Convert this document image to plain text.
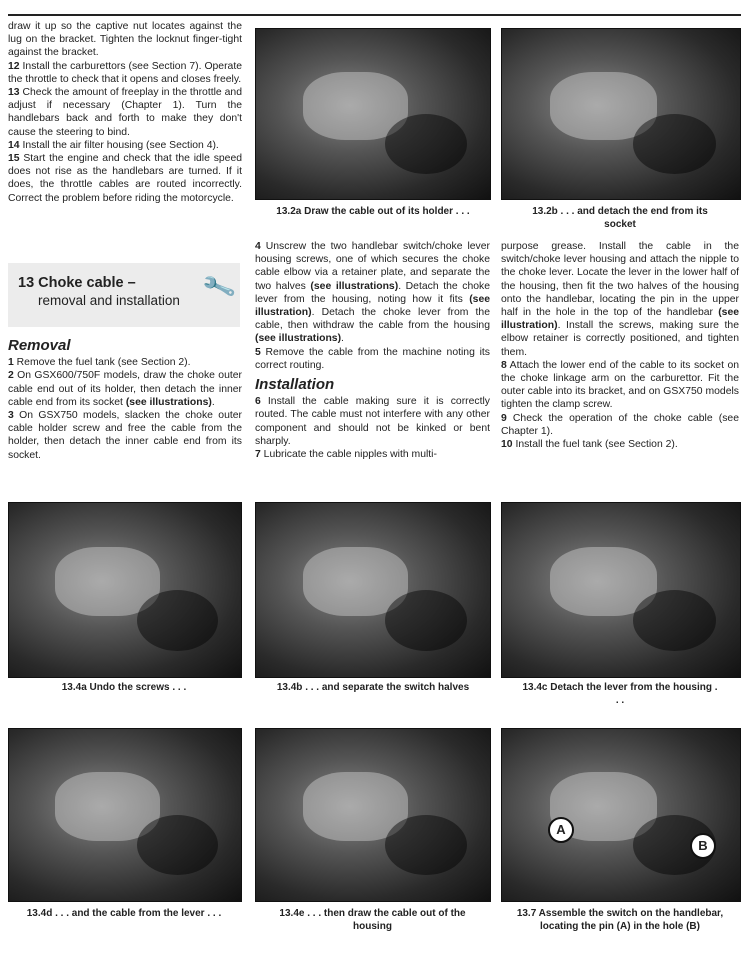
draw it up so the captive nut locates against the lug on the bracket. Tighten the locknut finger-tight against the bracket.

12 Install the carburettors (see Section 7). Operate the throttle to check that it opens and closes freely.

13 Check the amount of freeplay in the throttle and adjust if necessary (Chapter 1). Turn the handlebars back and forth to make they don't cause the steering to bind.

14 Install the air filter housing (see Section 4).

15 Start the engine and check that the idle speed does not rise as the handlebars are turned. If it does, the throttle cables are routed incorrectly. Correct the problem before riding the motorcycle.

13 Choke cable –
removal and installation 🔧
Removal

1 Remove the fuel tank (see Section 2).

2 On GSX600/750F models, draw the choke outer cable end out of its holder, then detach the inner cable end from its socket (see illustrations).

3 On GSX750 models, slacken the choke outer cable holder screw and free the cable from the holder, then detach the inner cable end from its socket.

13.2a Draw the cable out of its holder . . .	13.2b . . . and detach the end from its socket

4 Unscrew the two handlebar switch/choke lever housing screws, one of which secures the choke cable elbow via a retainer plate, and separate the two halves (see illustrations). Detach the choke lever from the housing, noting how it fits (see illustration). Detach the choke lever from the cable, then withdraw the cable from the housing (see illustrations).

5 Remove the cable from the machine noting its correct routing.

Installation

6 Install the cable making sure it is correctly routed. The cable must not interfere with any other component and should not be kinked or bent sharply.

7 Lubricate the cable nipples with multi-

purpose grease. Install the cable in the switch/choke lever housing and attach the nipple to the choke lever. Locate the lever in the lower half of the housing, then fit the two halves of the housing onto the handlebar, locating the pin in the upper half in the hole in the top of the handlebar (see illustration). Install the screws, making sure the elbow retainer is correctly positioned, and tighten them.

8 Attach the lower end of the cable to its socket on the choke linkage arm on the carburettor. Fit the outer cable into its bracket, and on GSX750 models tighten the clamp screw.

9 Check the operation of the choke cable (see Chapter 1).

10 Install the fuel tank (see Section 2).

13.4a Undo the screws . . .	13.4b . . . and separate the switch halves	13.4c Detach the lever from the housing . . .
13.4d . . . and the cable from the lever . . .	13.4e . . . then draw the cable out of the housing
A
B
13.7 Assemble the switch on the handlebar, locating the pin (A) in the hole (B)
